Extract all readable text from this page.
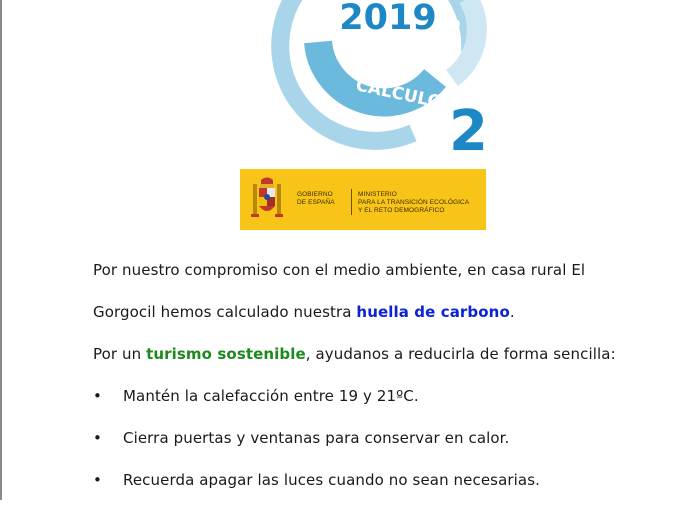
2019
CALCULO
PENSO
2
GOBIERNO
DE ESPAÑA
MINISTERIO
PARA LA TRANSICIÓN ECOLÓGICA
Y EL RETO DEMOGRÁFICO

Por nuestro compromiso con el medio ambiente, en casa rural El

Gorgocil hemos calculado nuestra huella de carbono.

Por un turismo sostenible, ayudanos a reducirla de forma sencilla:

• Mantén la calefacción entre 19 y 21ºC.
• Cierra puertas y ventanas para conservar en calor.
• Recuerda apagar las luces cuando no sean necesarias.
